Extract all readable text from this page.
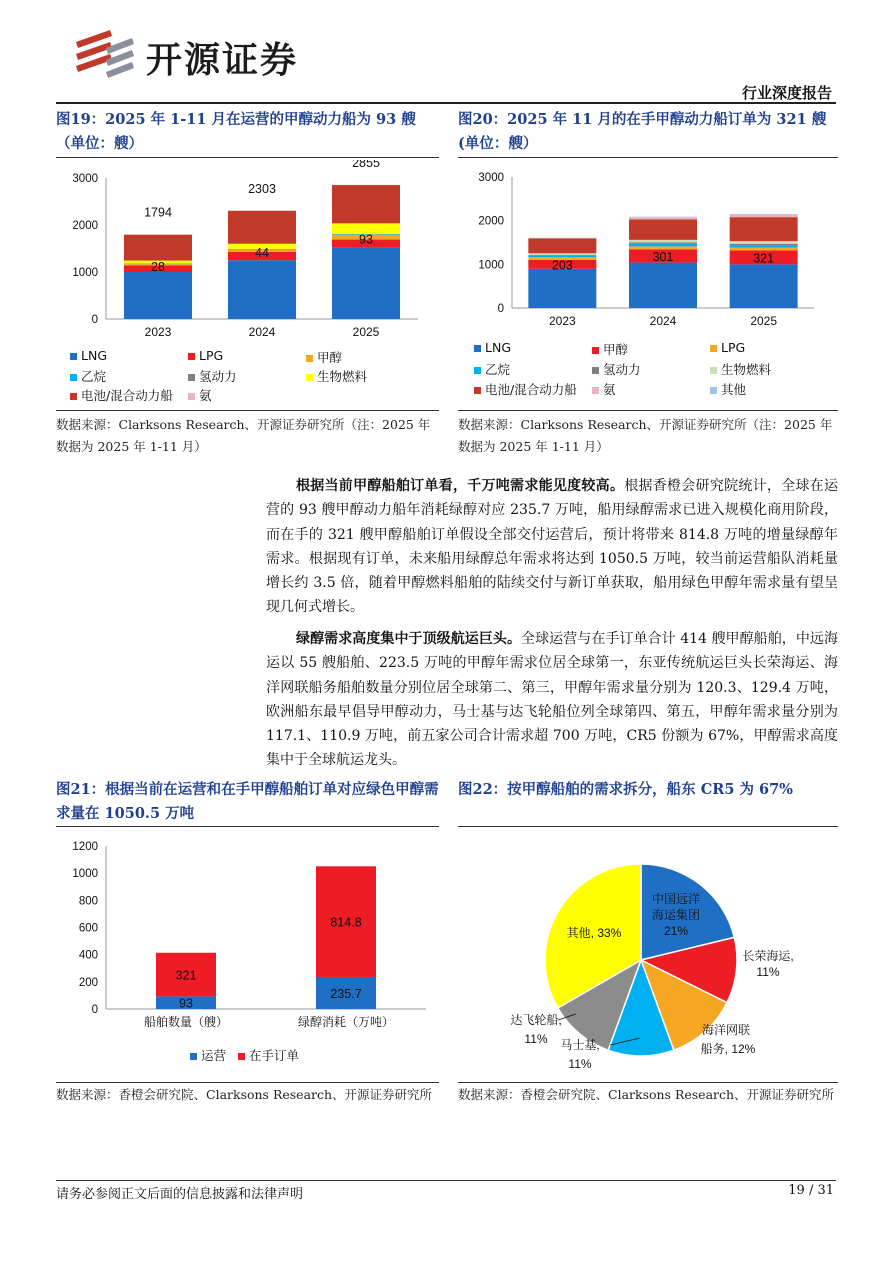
开源证券
行业深度报告
图19：2025 年 1-11 月在运营的甲醇动力船为 93 艘（单位：艘）
0
1000
2000
3000
2023	2024	2025
1794
2303
2855
28
44
93
LNG	LPG	甲醇
乙烷	氢动力	生物燃料
电池/混合动力船	氨
数据来源：Clarksons Research、开源证券研究所（注：2025 年数据为 2025 年 1-11 月）
图20：2025 年 11 月的在手甲醇动力船订单为 321 艘(单位：艘）
0
1000
2000
3000
2023	2024	2025
203
301	321
LNG	甲醇	LPG
乙烷	氢动力	生物燃料
电池/混合动力船	氨	其他
数据来源：Clarksons Research、开源证券研究所（注：2025 年数据为 2025 年 1-11 月）
根据当前甲醇船舶订单看，千万吨需求能见度较高。根据香橙会研究院统计，全球在运营的 93 艘甲醇动力船年消耗绿醇对应 235.7 万吨，船用绿醇需求已进入规模化商用阶段，而在手的 321 艘甲醇船舶订单假设全部交付运营后，预计将带来 814.8 万吨的增量绿醇年需求。根据现有订单，未来船用绿醇总年需求将达到 1050.5 万吨，较当前运营船队消耗量增长约 3.5 倍，随着甲醇燃料船舶的陆续交付与新订单获取，船用绿色甲醇年需求量有望呈现几何式增长。
绿醇需求高度集中于顶级航运巨头。全球运营与在手订单合计 414 艘甲醇船舶，中远海运以 55 艘船舶、223.5 万吨的甲醇年需求位居全球第一，东亚传统航运巨头长荣海运、海洋网联船务船舶数量分别位居全球第二、第三，甲醇年需求量分别为 120.3、129.4 万吨，欧洲船东最早倡导甲醇动力，马士基与达飞轮船位列全球第四、第五，甲醇年需求量分别为 117.1、110.9 万吨，前五家公司合计需求超 700 万吨，CR5 份额为 67%，甲醇需求高度集中于全球航运龙头。
图21：根据当前在运营和在手甲醇船舶订单对应绿色甲醇需求量在 1050.5 万吨
0
200
400
600
800
1000
1200
船舶数量（艘）	绿醇消耗（万吨）
93
321
235.7
814.8
运营	在手订单
数据来源：香橙会研究院、Clarksons Research、开源证券研究所
图22：按甲醇船舶的需求拆分，船东 CR5 为 67%
中国远洋
海运集团
21%
长荣海运,
11%
海洋网联
船务, 12%
马士基,
11%
达飞轮船,
11%
其他, 33%
数据来源：香橙会研究院、Clarksons Research、开源证券研究所
请务必参阅正文后面的信息披露和法律声明	19 / 31
